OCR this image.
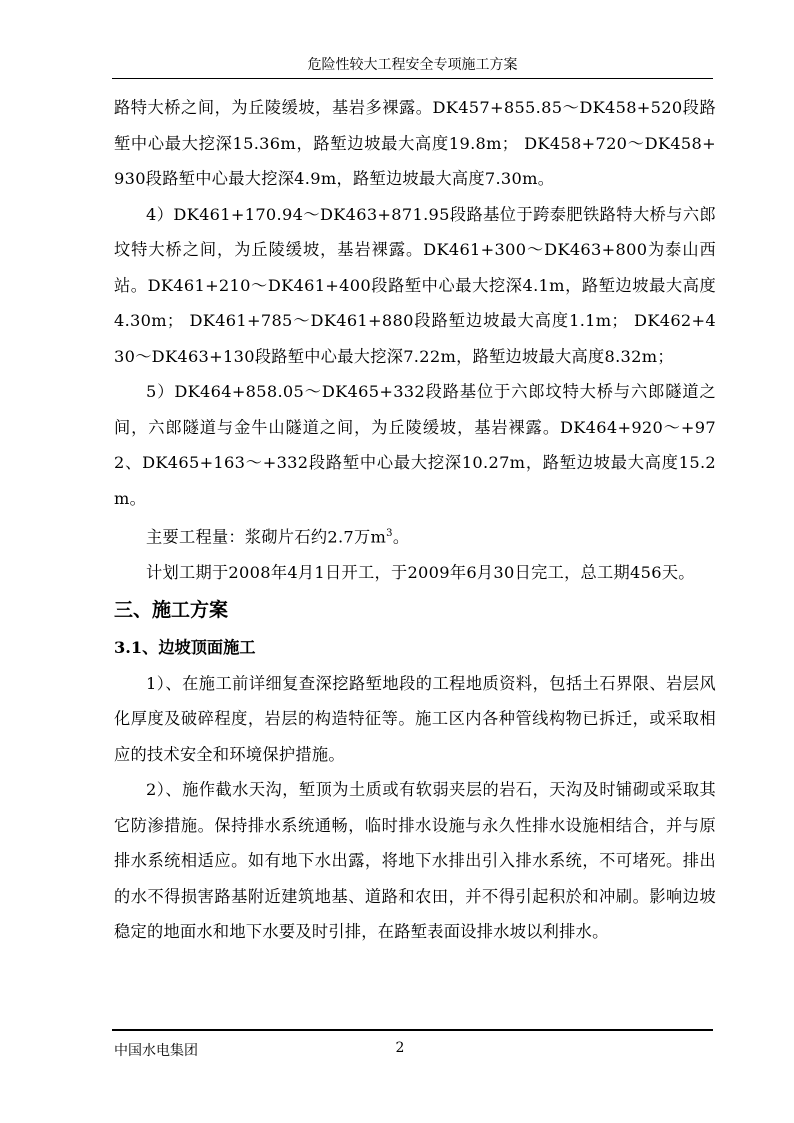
危险性较大工程安全专项施工方案

路特大桥之间，为丘陵缓坡，基岩多裸露。DK457+855.85～DK458+520段路堑中心最大挖深15.36m，路堑边坡最大高度19.8m； DK458+720～DK458+930段路堑中心最大挖深4.9m，路堑边坡最大高度7.30m。

4）DK461+170.94～DK463+871.95段路基位于跨泰肥铁路特大桥与六郎坟特大桥之间，为丘陵缓坡，基岩裸露。DK461+300～DK463+800为泰山西站。DK461+210～DK461+400段路堑中心最大挖深4.1m，路堑边坡最大高度4.30m； DK461+785～DK461+880段路堑边坡最大高度1.1m； DK462+430～DK463+130段路堑中心最大挖深7.22m，路堑边坡最大高度8.32m；

5）DK464+858.05～DK465+332段路基位于六郎坟特大桥与六郎隧道之间，六郎隧道与金牛山隧道之间，为丘陵缓坡，基岩裸露。DK464+920～+972、DK465+163～+332段路堑中心最大挖深10.27m，路堑边坡最大高度15.2m。

主要工程量：浆砌片石约2.7万$m^3$。

计划工期于2008年4月1日开工，于2009年6月30日完工，总工期456天。

三、施工方案
3.1、边坡顶面施工

1）、在施工前详细复查深挖路堑地段的工程地质资料，包括土石界限、岩层风化厚度及破碎程度，岩层的构造特征等。施工区内各种管线构物已拆迁，或采取相应的技术安全和环境保护措施。

2）、施作截水天沟，堑顶为土质或有软弱夹层的岩石，天沟及时铺砌或采取其它防渗措施。保持排水系统通畅，临时排水设施与永久性排水设施相结合，并与原排水系统相适应。如有地下水出露，将地下水排出引入排水系统，不可堵死。排出的水不得损害路基附近建筑地基、道路和农田，并不得引起积於和冲刷。影响边坡稳定的地面水和地下水要及时引排，在路堑表面设排水坡以利排水。

中国水电集团	2
